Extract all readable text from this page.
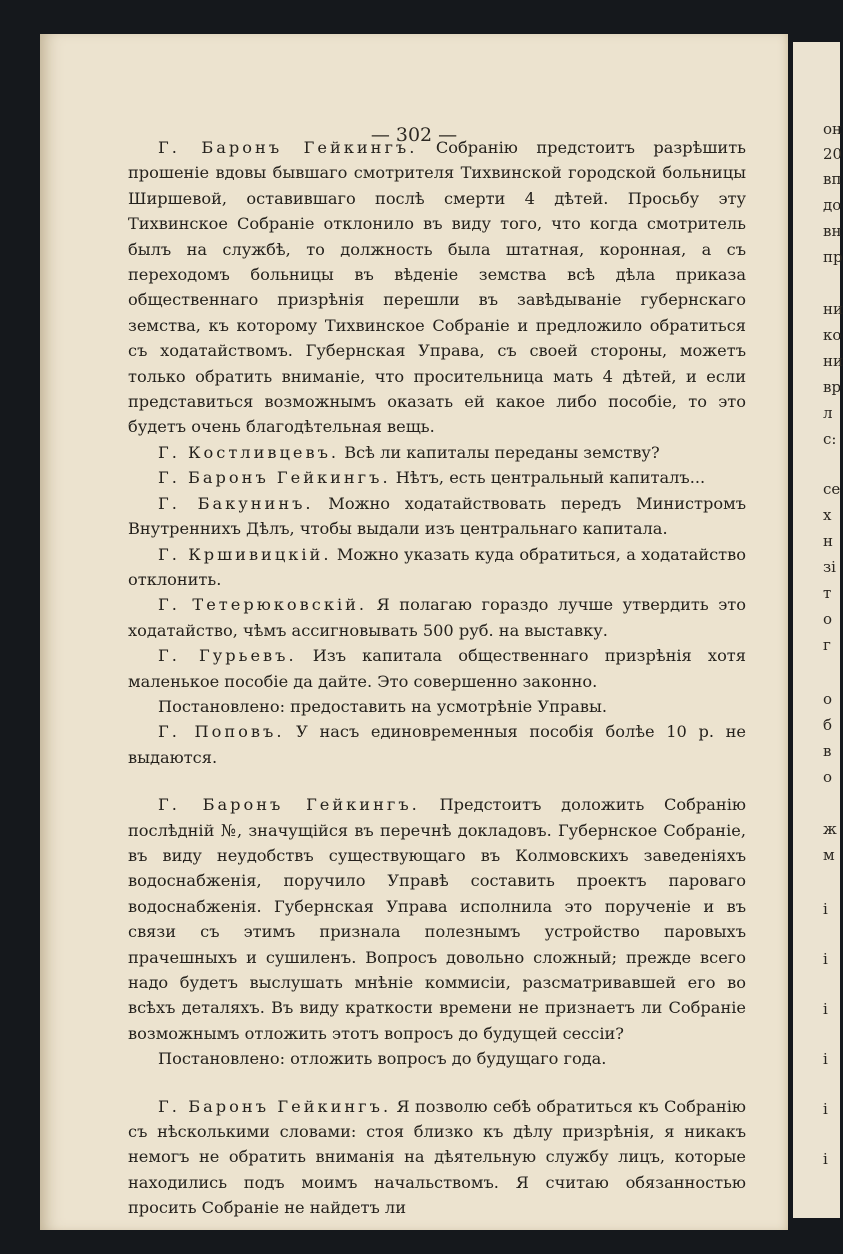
— 302 —	он
20
вп
до
вн
пр
ни
ко
ни
вр
л
с:
се
х
н
зі
т
о
г
о
б
в
о
ж
м
і
і
і
і
і
і

Г. Баронъ Гейкингъ. Собранію предстоитъ разрѣшить прошеніе вдовы бывшаго смотрителя Тихвинской городской больницы Ширшевой, оставившаго послѣ смерти 4 дѣтей. Просьбу эту Тихвинское Собраніе отклонило въ виду того, что когда смотритель былъ на службѣ, то должность была штатная, коронная, а съ переходомъ больницы въ вѣденіе земства всѣ дѣла приказа общественнаго призрѣнія перешли въ завѣдываніе губернскаго земства, къ которому Тихвинское Собраніе и предложило обратиться съ ходатайствомъ. Губернская Управа, съ своей стороны, можетъ только обратить вниманіе, что просительница мать 4 дѣтей, и если представиться возможнымъ оказать ей какое либо пособіе, то это будетъ очень благодѣтельная вещь.

Г. Костливцевъ. Всѣ ли капиталы переданы земству?

Г. Баронъ Гейкингъ. Нѣтъ, есть центральный капиталъ...

Г. Бакунинъ. Можно ходатайствовать передъ Министромъ Внутреннихъ Дѣлъ, чтобы выдали изъ центральнаго капитала.

Г. Кршивицкій. Можно указать куда обратиться, а ходатайство отклонить.

Г. Тетерюковскій. Я полагаю гораздо лучше утвердить это ходатайство, чѣмъ ассигновывать 500 руб. на выставку.

Г. Гурьевъ. Изъ капитала общественнаго призрѣнія хотя маленькое пособіе да дайте. Это совершенно законно.

Постановлено: предоставить на усмотрѣніе Управы.

Г. Поповъ. У насъ единовременныя пособія болѣе 10 р. не выдаются.

Г. Баронъ Гейкингъ. Предстоитъ доложить Собранію послѣдній №, значущійся въ перечнѣ докладовъ. Губернское Собраніе, въ виду неудобствъ существующаго въ Колмовскихъ заведеніяхъ водоснабженія, поручило Управѣ составить проектъ пароваго водоснабженія. Губернская Управа исполнила это порученіе и въ связи съ этимъ признала полезнымъ устройство паровыхъ прачешныхъ и сушиленъ. Вопросъ довольно сложный; прежде всего надо будетъ выслушать мнѣніе коммисіи, разсматривавшей его во всѣхъ деталяхъ. Въ виду краткости времени не признаетъ ли Собраніе возможнымъ отложить этотъ вопросъ до будущей сессіи?

Постановлено: отложить вопросъ до будущаго года.

Г. Баронъ Гейкингъ. Я позволю себѣ обратиться къ Собранію съ нѣсколькими словами: стоя близко къ дѣлу призрѣнія, я никакъ немогъ не обратить вниманія на дѣятельную службу лицъ, которые находились подъ моимъ начальствомъ. Я считаю обязанностью просить Собраніе не найдетъ ли
